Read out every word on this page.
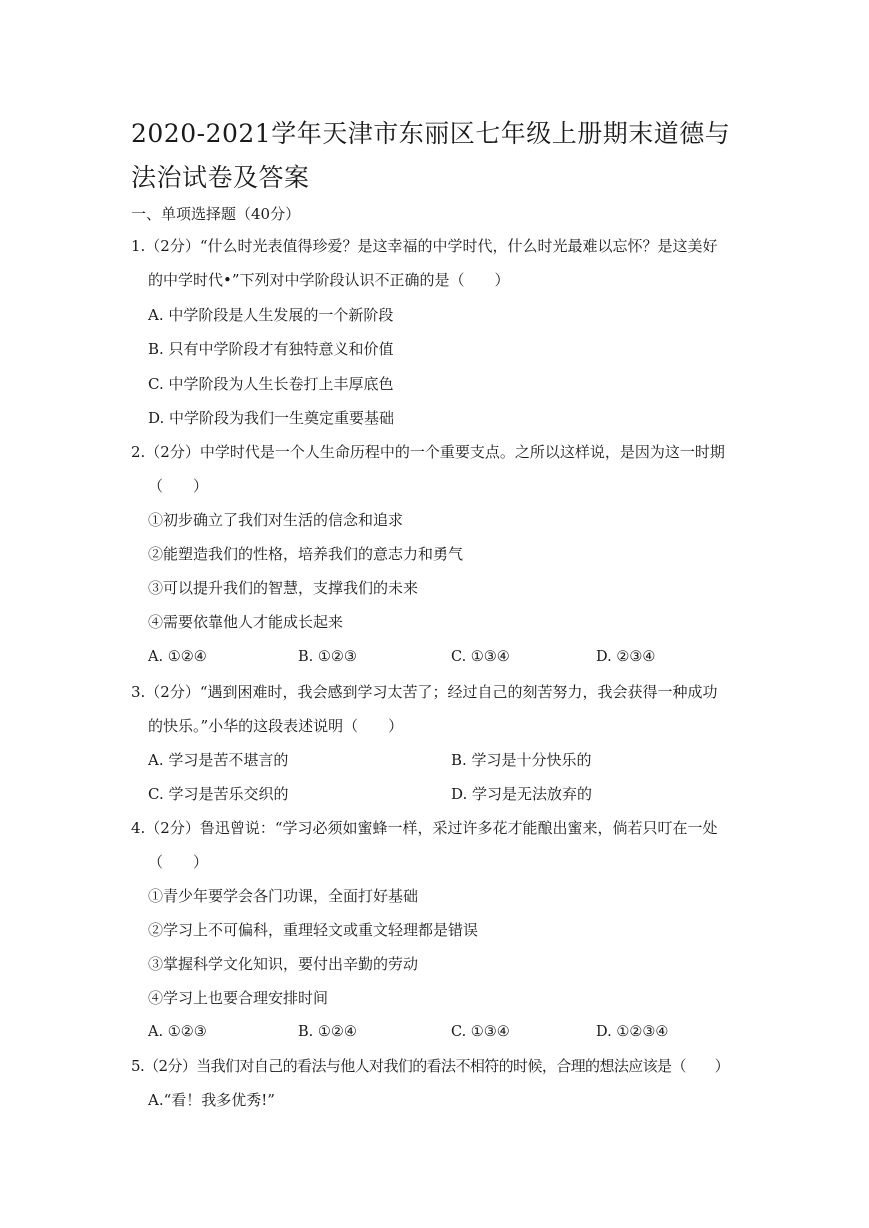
2020-2021学年天津市东丽区七年级上册期末道德与法治试卷及答案
一、单项选择题（40分）
1.（2分）“什么时光表值得珍爱？是这幸福的中学时代，什么时光最难以忘怀？是这美好
的中学时代•”下列对中学阶段认识不正确的是（　　）
A. 中学阶段是人生发展的一个新阶段
B. 只有中学阶段才有独特意义和价值
C. 中学阶段为人生长卷打上丰厚底色
D. 中学阶段为我们一生奠定重要基础
2.（2分）中学时代是一个人生命历程中的一个重要支点。之所以这样说，是因为这一时期
（　　）
①初步确立了我们对生活的信念和追求
②能塑造我们的性格，培养我们的意志力和勇气
③可以提升我们的智慧，支撑我们的未来
④需要依靠他人才能成长起来
A. ①②④	B. ①②③	C. ①③④	D. ②③④
3.（2分）“遇到困难时，我会感到学习太苦了；经过自己的刻苦努力，我会获得一种成功
的快乐。”小华的这段表述说明（　　）
A. 学习是苦不堪言的	B. 学习是十分快乐的
C. 学习是苦乐交织的	D. 学习是无法放弃的
4.（2分）鲁迅曾说：“学习必须如蜜蜂一样，采过许多花才能酿出蜜来，倘若只叮在一处
（　　）
①青少年要学会各门功课，全面打好基础
②学习上不可偏科，重理轻文或重文轻理都是错误
③掌握科学文化知识，要付出辛勤的劳动
④学习上也要合理安排时间
A. ①②③	B. ①②④	C. ①③④	D. ①②③④
5.（2分）当我们对自己的看法与他人对我们的看法不相符的时候，合理的想法应该是（　　）
A.“看！我多优秀!”
